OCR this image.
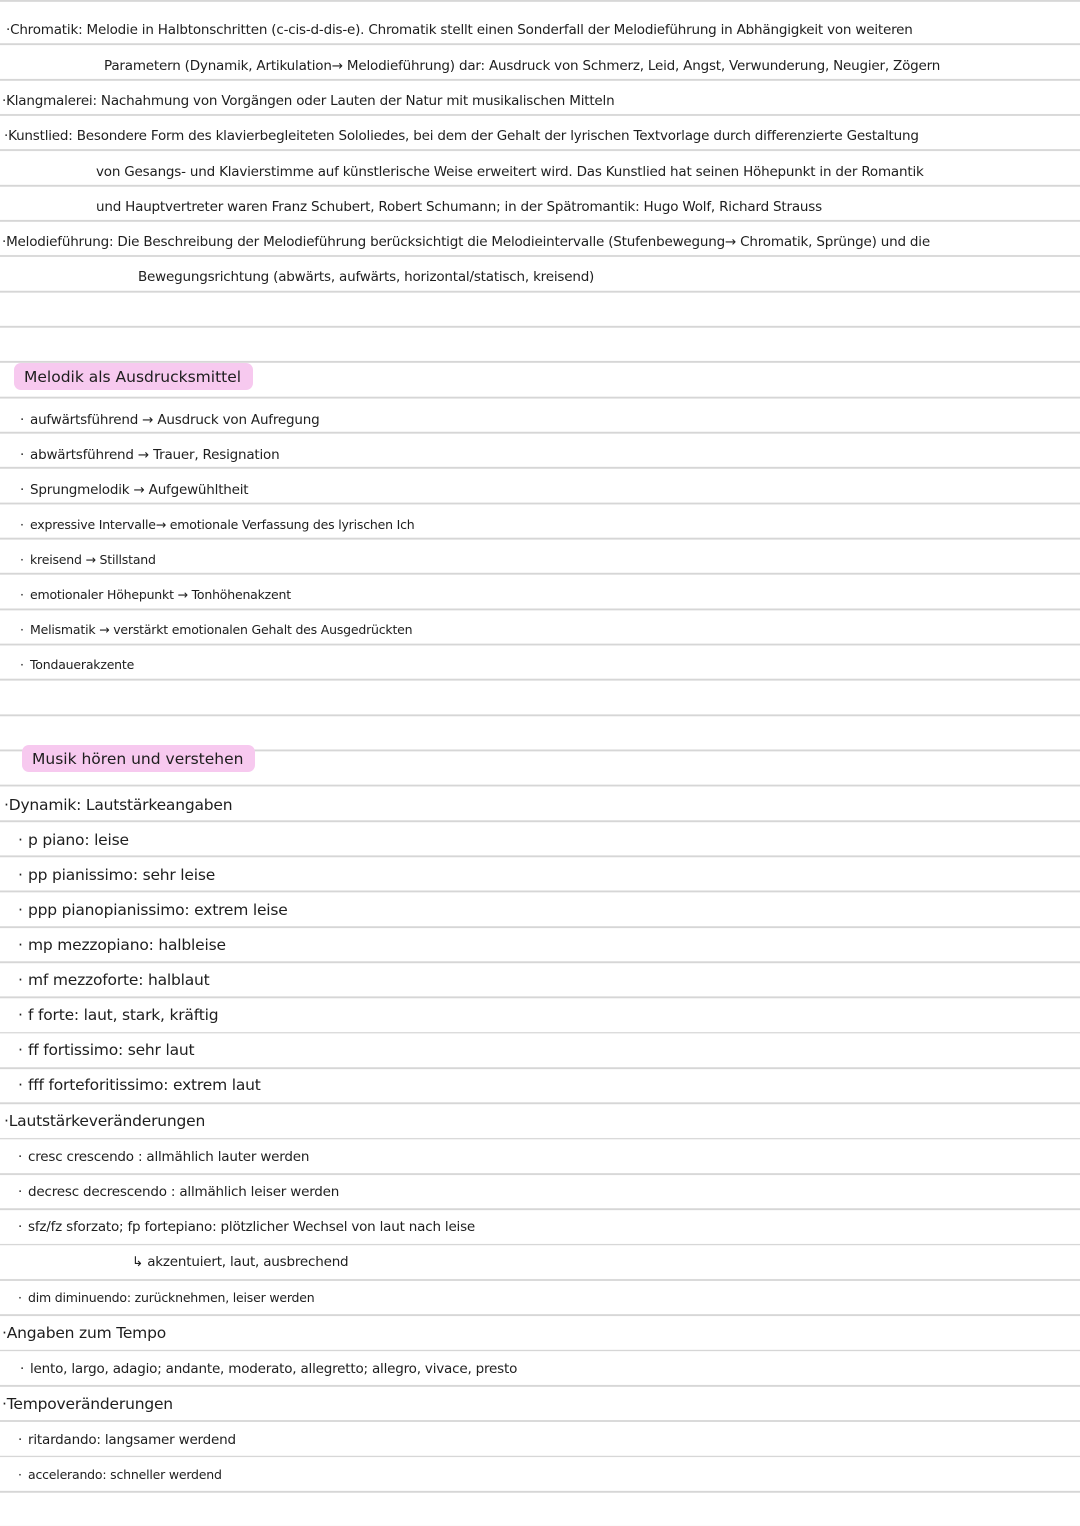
·Chromatik: Melodie in Halbtonschritten (c-cis-d-dis-e). Chromatik stellt einen Sonderfall der Melodieführung in Abhängigkeit von weiteren
Parametern (Dynamik, Artikulation→ Melodieführung) dar: Ausdruck von Schmerz, Leid, Angst, Verwunderung, Neugier, Zögern
·Klangmalerei: Nachahmung von Vorgängen oder Lauten der Natur mit musikalischen Mitteln
·Kunstlied: Besondere Form des klavierbegleiteten Sololiedes, bei dem der Gehalt der lyrischen Textvorlage durch differenzierte Gestaltung
von Gesangs- und Klavierstimme auf künstlerische Weise erweitert wird. Das Kunstlied hat seinen Höhepunkt in der Romantik
und Hauptvertreter waren Franz Schubert, Robert Schumann; in der Spätromantik: Hugo Wolf, Richard Strauss
·Melodieführung: Die Beschreibung der Melodieführung berücksichtigt die Melodieintervalle (Stufenbewegung→ Chromatik, Sprünge) und die
Bewegungsrichtung (abwärts, aufwärts, horizontal/statisch, kreisend)
Melodik als Ausdrucksmittel
· aufwärtsführend → Ausdruck von Aufregung
· abwärtsführend → Trauer, Resignation
· Sprungmelodik → Aufgewühltheit
· expressive Intervalle→ emotionale Verfassung des lyrischen Ich
· kreisend → Stillstand
· emotionaler Höhepunkt → Tonhöhenakzent
· Melismatik → verstärkt emotionalen Gehalt des Ausgedrückten
· Tondauerakzente
Musik hören und verstehen
·Dynamik: Lautstärkeangaben
· p piano: leise
· pp pianissimo: sehr leise
· ppp pianopianissimo: extrem leise
· mp mezzopiano: halbleise
· mf mezzoforte: halblaut
· f forte: laut, stark, kräftig
· ff fortissimo: sehr laut
· fff forteforitissimo: extrem laut
·Lautstärkeveränderungen
· cresc crescendo : allmählich lauter werden
· decresc decrescendo : allmählich leiser werden
· sfz/fz sforzato; fp fortepiano: plötzlicher Wechsel von laut nach leise
↳ akzentuiert, laut, ausbrechend
· dim diminuendo: zurücknehmen, leiser werden
·Angaben zum Tempo
· lento, largo, adagio; andante, moderato, allegretto; allegro, vivace, presto
·Tempoveränderungen
· ritardando: langsamer werdend
· accelerando: schneller werdend
